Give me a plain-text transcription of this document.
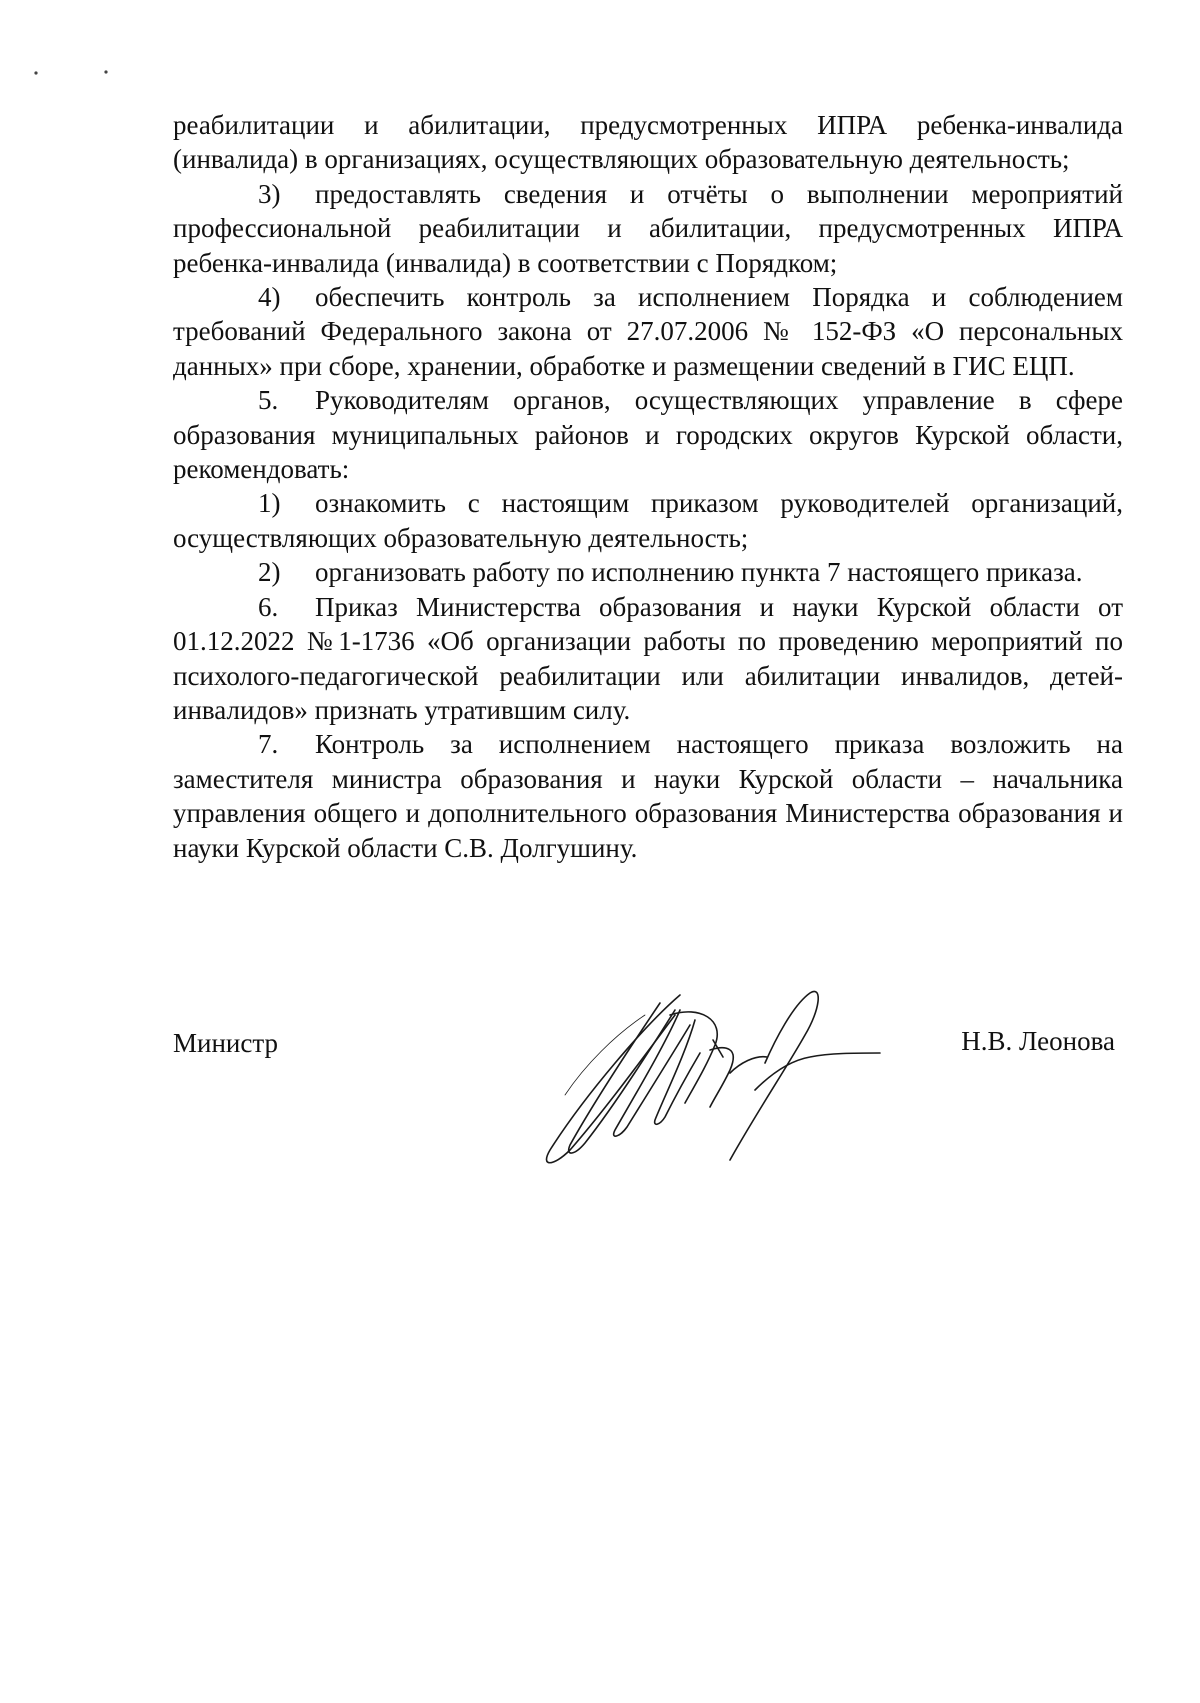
реабилитации и абилитации, предусмотренных ИПРА ребенка-инвалида (инвалида) в организациях, осуществляющих образовательную деятельность;

3) предоставлять сведения и отчёты о выполнении мероприятий профессиональной реабилитации и абилитации, предусмотренных ИПРА ребенка-инвалида (инвалида) в соответствии с Порядком;

4) обеспечить контроль за исполнением Порядка и соблюдением требований Федерального закона от 27.07.2006 № 152-ФЗ «О персональных данных» при сборе, хранении, обработке и размещении сведений в ГИС ЕЦП.

5. Руководителям органов, осуществляющих управление в сфере образования муниципальных районов и городских округов Курской области, рекомендовать:

1) ознакомить с настоящим приказом руководителей организаций, осуществляющих образовательную деятельность;

2) организовать работу по исполнению пункта 7 настоящего приказа.

6. Приказ Министерства образования и науки Курской области от 01.12.2022 №1-1736 «Об организации работы по проведению мероприятий по психолого-педагогической реабилитации или абилитации инвалидов, детей-инвалидов» признать утратившим силу.

7. Контроль за исполнением настоящего приказа возложить на заместителя министра образования и науки Курской области – начальника управления общего и дополнительного образования Министерства образования и науки Курской области С.В. Долгушину.

Министр	Н.В. Леонова
